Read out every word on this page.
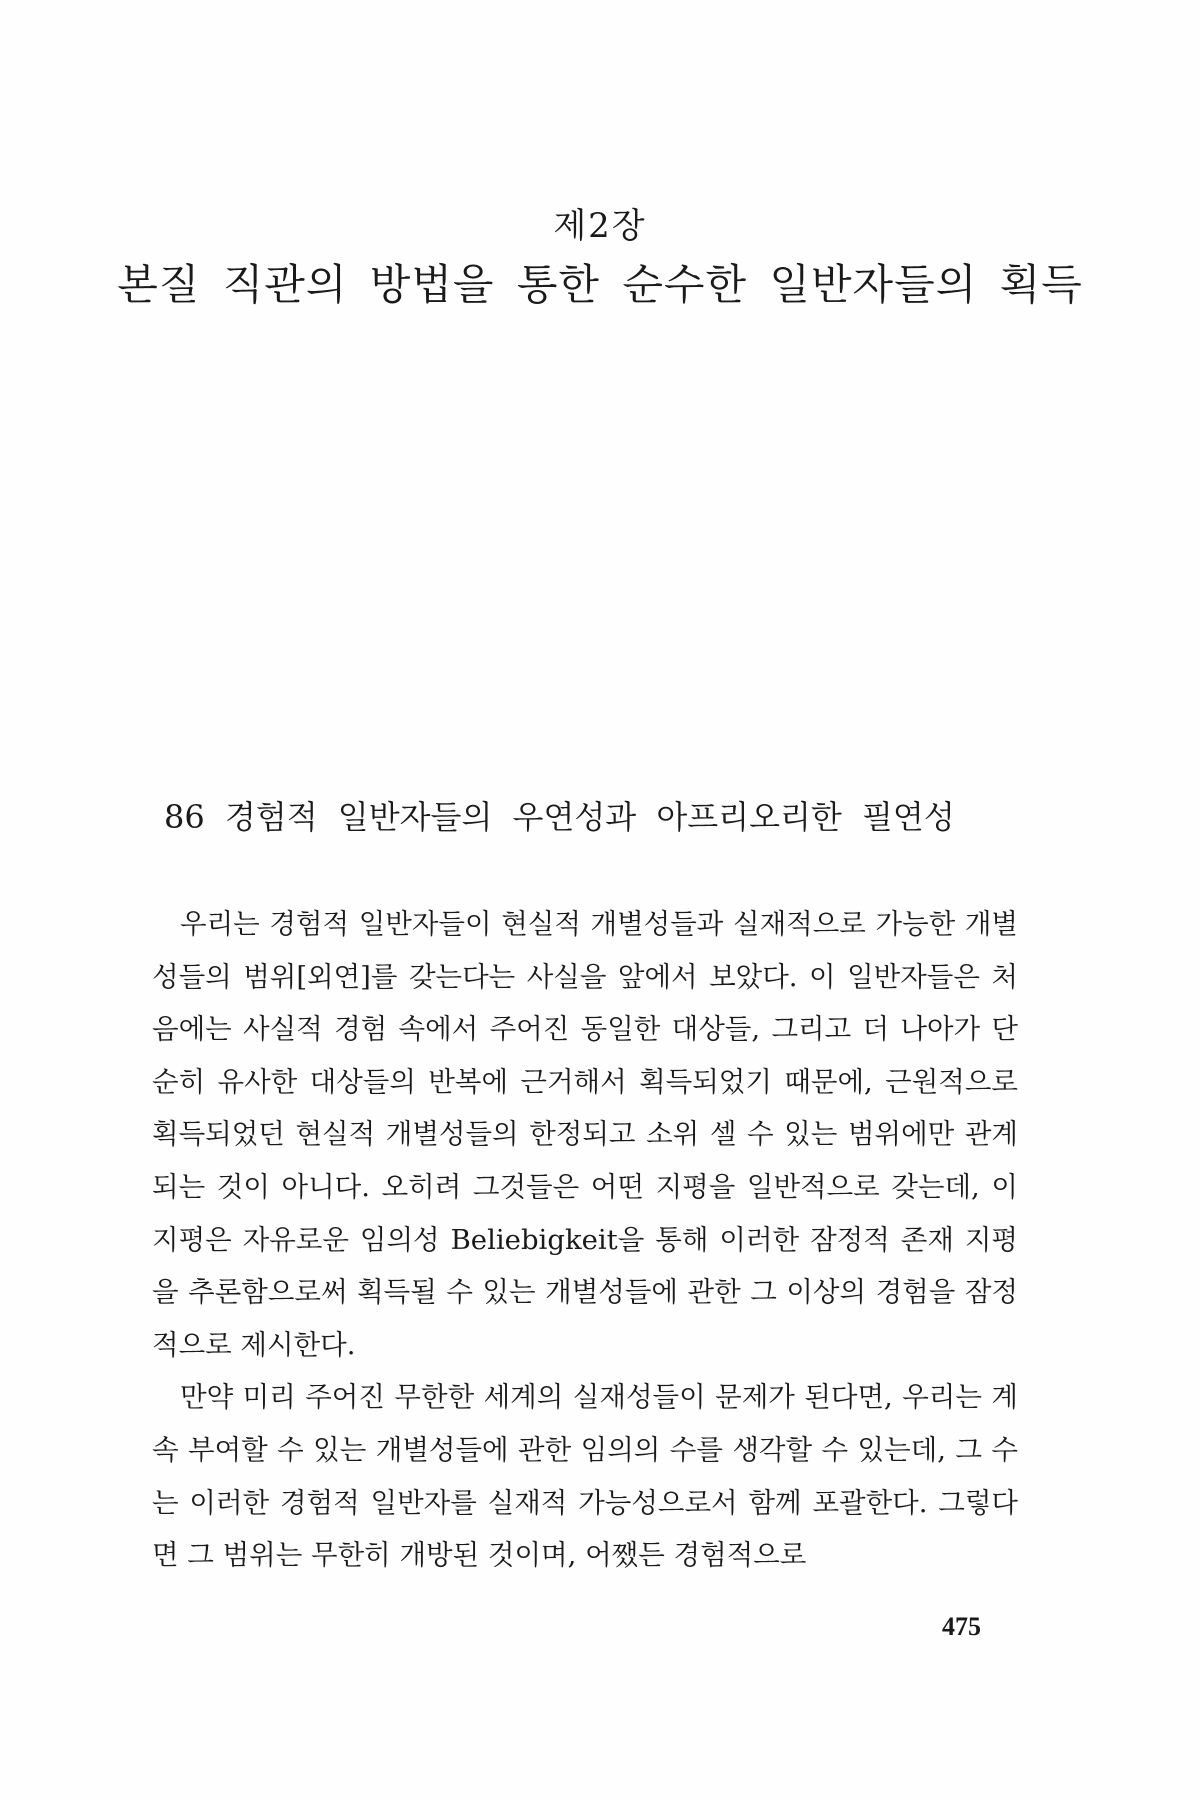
제2장
본질 직관의 방법을 통한 순수한 일반자들의 획득
86 경험적 일반자들의 우연성과 아프리오리한 필연성

우리는 경험적 일반자들이 현실적 개별성들과 실재적으로 가능한 개별성들의 범위[외연]를 갖는다는 사실을 앞에서 보았다. 이 일반자들은 처음에는 사실적 경험 속에서 주어진 동일한 대상들, 그리고 더 나아가 단순히 유사한 대상들의 반복에 근거해서 획득되었기 때문에, 근원적으로 획득되었던 현실적 개별성들의 한정되고 소위 셀 수 있는 범위에만 관계되는 것이 아니다. 오히려 그것들은 어떤 지평을 일반적으로 갖는데, 이 지평은 자유로운 임의성 Beliebigkeit을 통해 이러한 잠정적 존재 지평을 추론함으로써 획득될 수 있는 개별성들에 관한 그 이상의 경험을 잠정적으로 제시한다.

만약 미리 주어진 무한한 세계의 실재성들이 문제가 된다면, 우리는 계속 부여할 수 있는 개별성들에 관한 임의의 수를 생각할 수 있는데, 그 수는 이러한 경험적 일반자를 실재적 가능성으로서 함께 포괄한다. 그렇다면 그 범위는 무한히 개방된 것이며, 어쨌든 경험적으로

475
